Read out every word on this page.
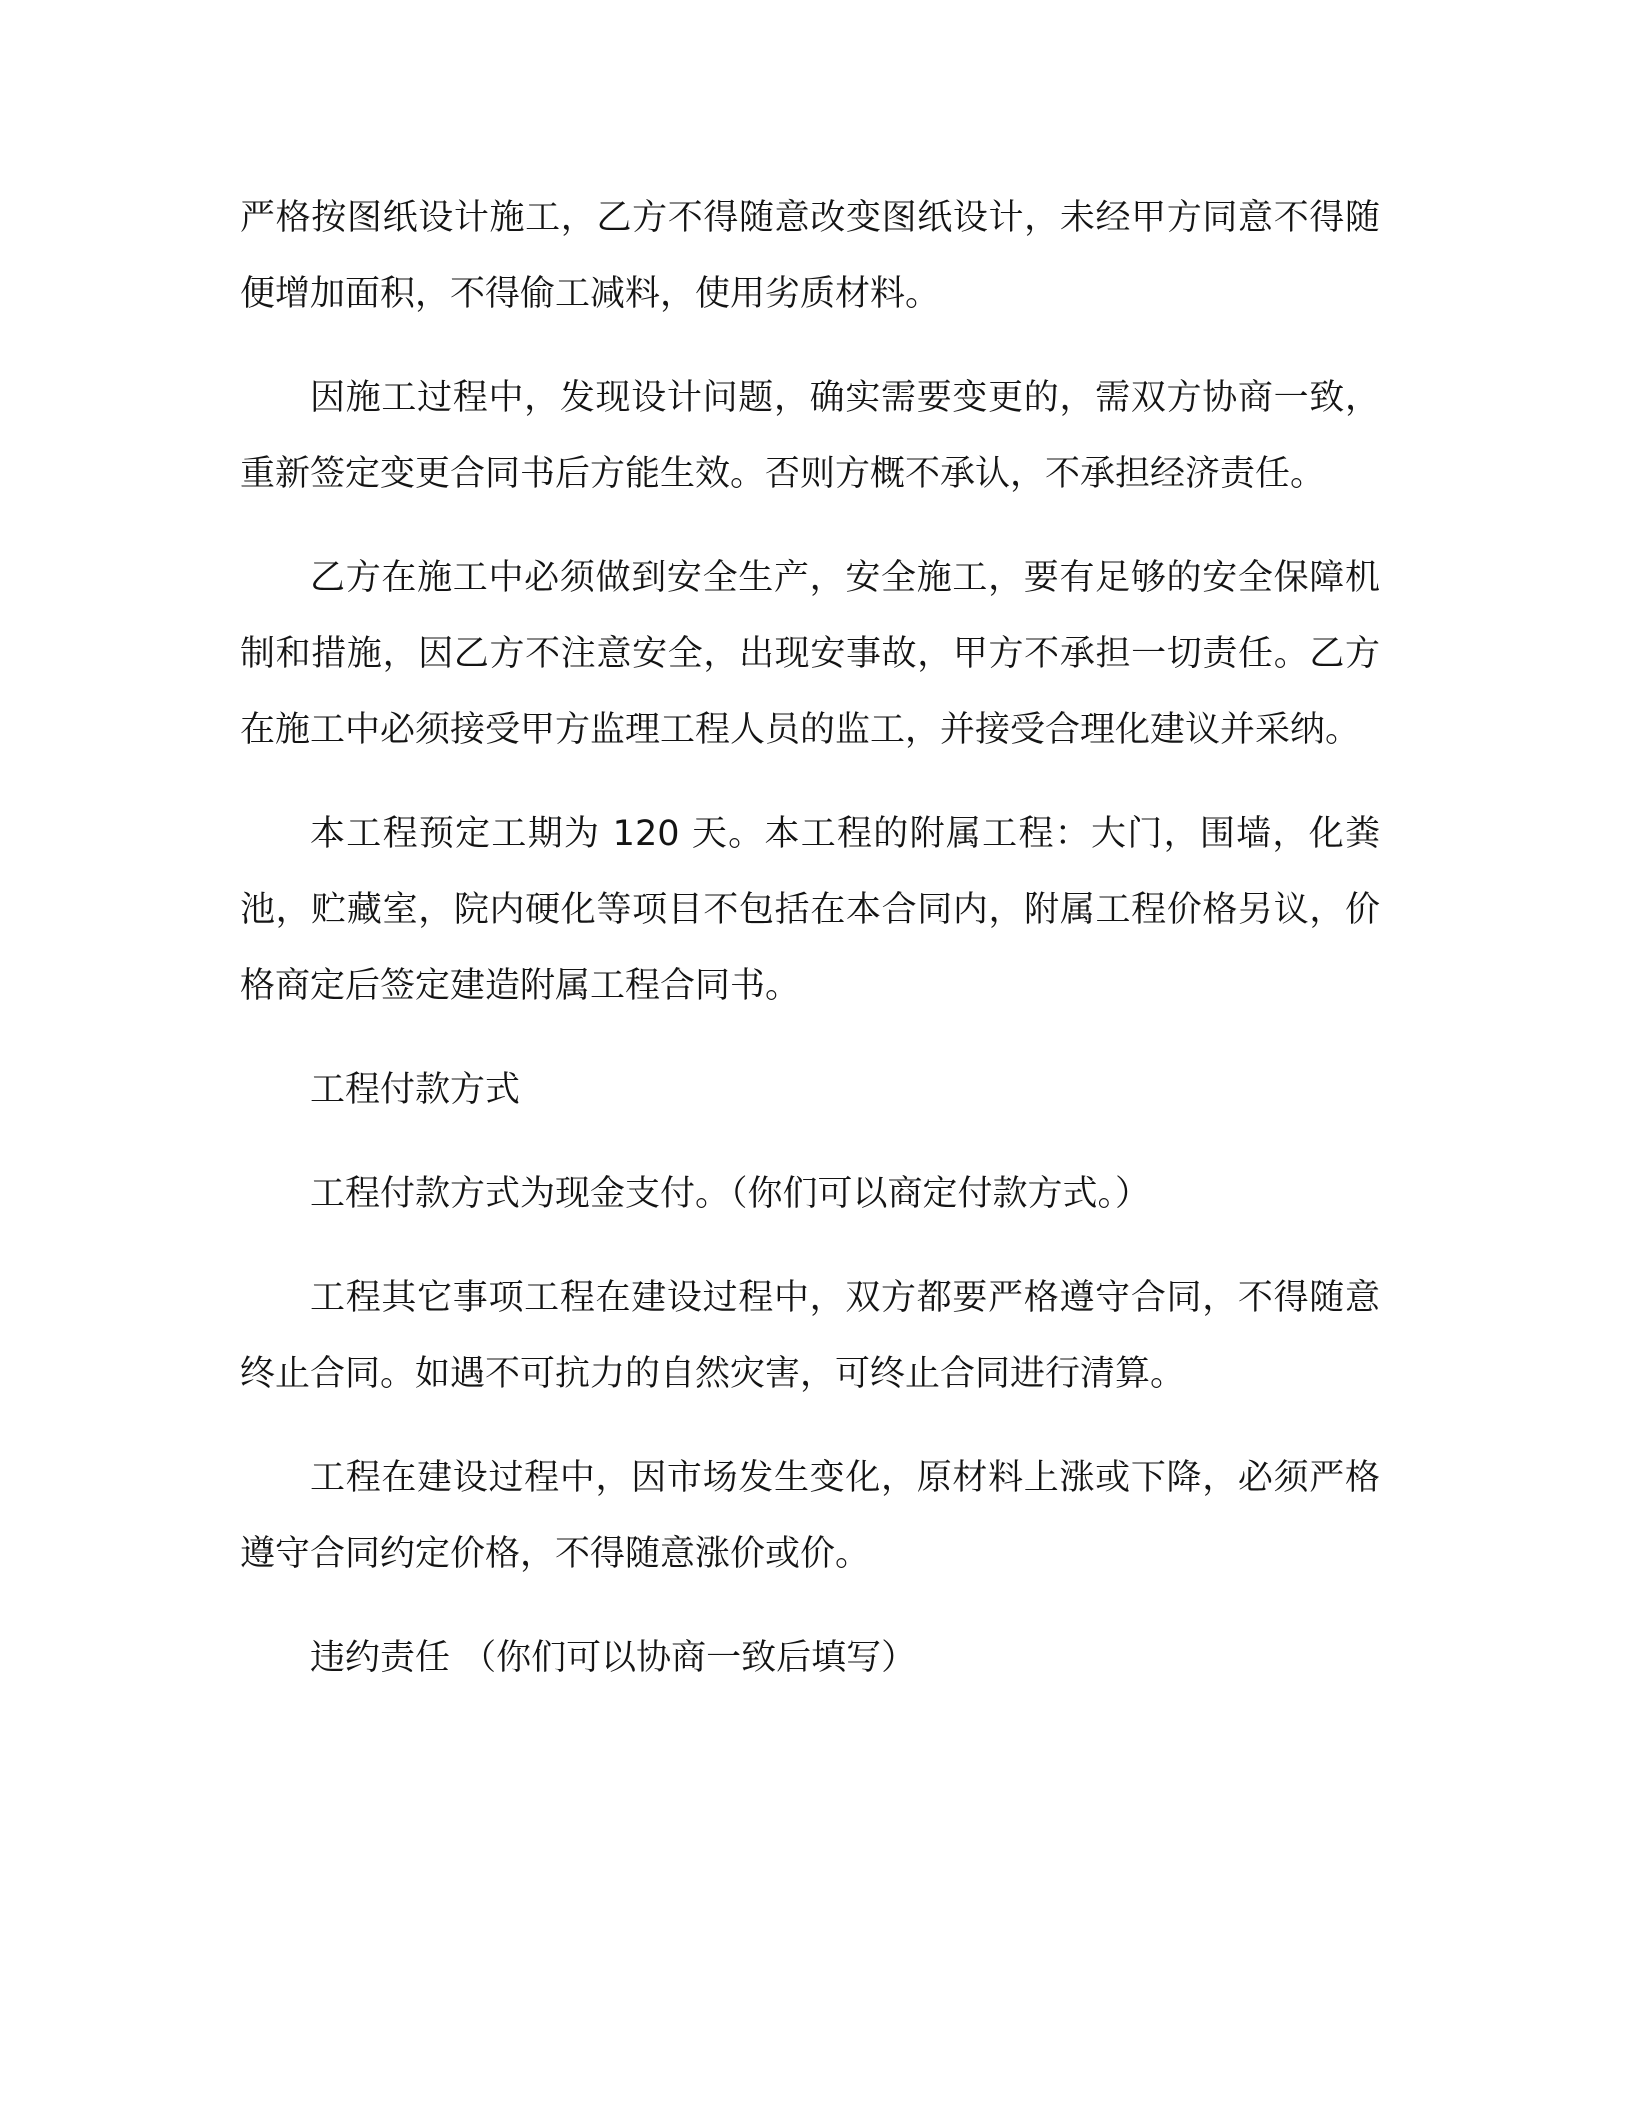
严格按图纸设计施工，乙方不得随意改变图纸设计，未经甲方同意不得随便增加面积，不得偷工减料，使用劣质材料。

因施工过程中，发现设计问题，确实需要变更的，需双方协商一致，重新签定变更合同书后方能生效。否则方概不承认，不承担经济责任。

乙方在施工中必须做到安全生产，安全施工，要有足够的安全保障机制和措施，因乙方不注意安全，出现安事故，甲方不承担一切责任。乙方在施工中必须接受甲方监理工程人员的监工，并接受合理化建议并采纳。

本工程预定工期为 120 天。本工程的附属工程：大门，围墙，化粪池，贮藏室，院内硬化等项目不包括在本合同内，附属工程价格另议，价格商定后签定建造附属工程合同书。

工程付款方式

工程付款方式为现金支付。（你们可以商定付款方式。）

工程其它事项工程在建设过程中，双方都要严格遵守合同，不得随意终止合同。如遇不可抗力的自然灾害，可终止合同进行清算。

工程在建设过程中，因市场发生变化，原材料上涨或下降，必须严格遵守合同约定价格，不得随意涨价或价。

违约责任 （你们可以协商一致后填写）
